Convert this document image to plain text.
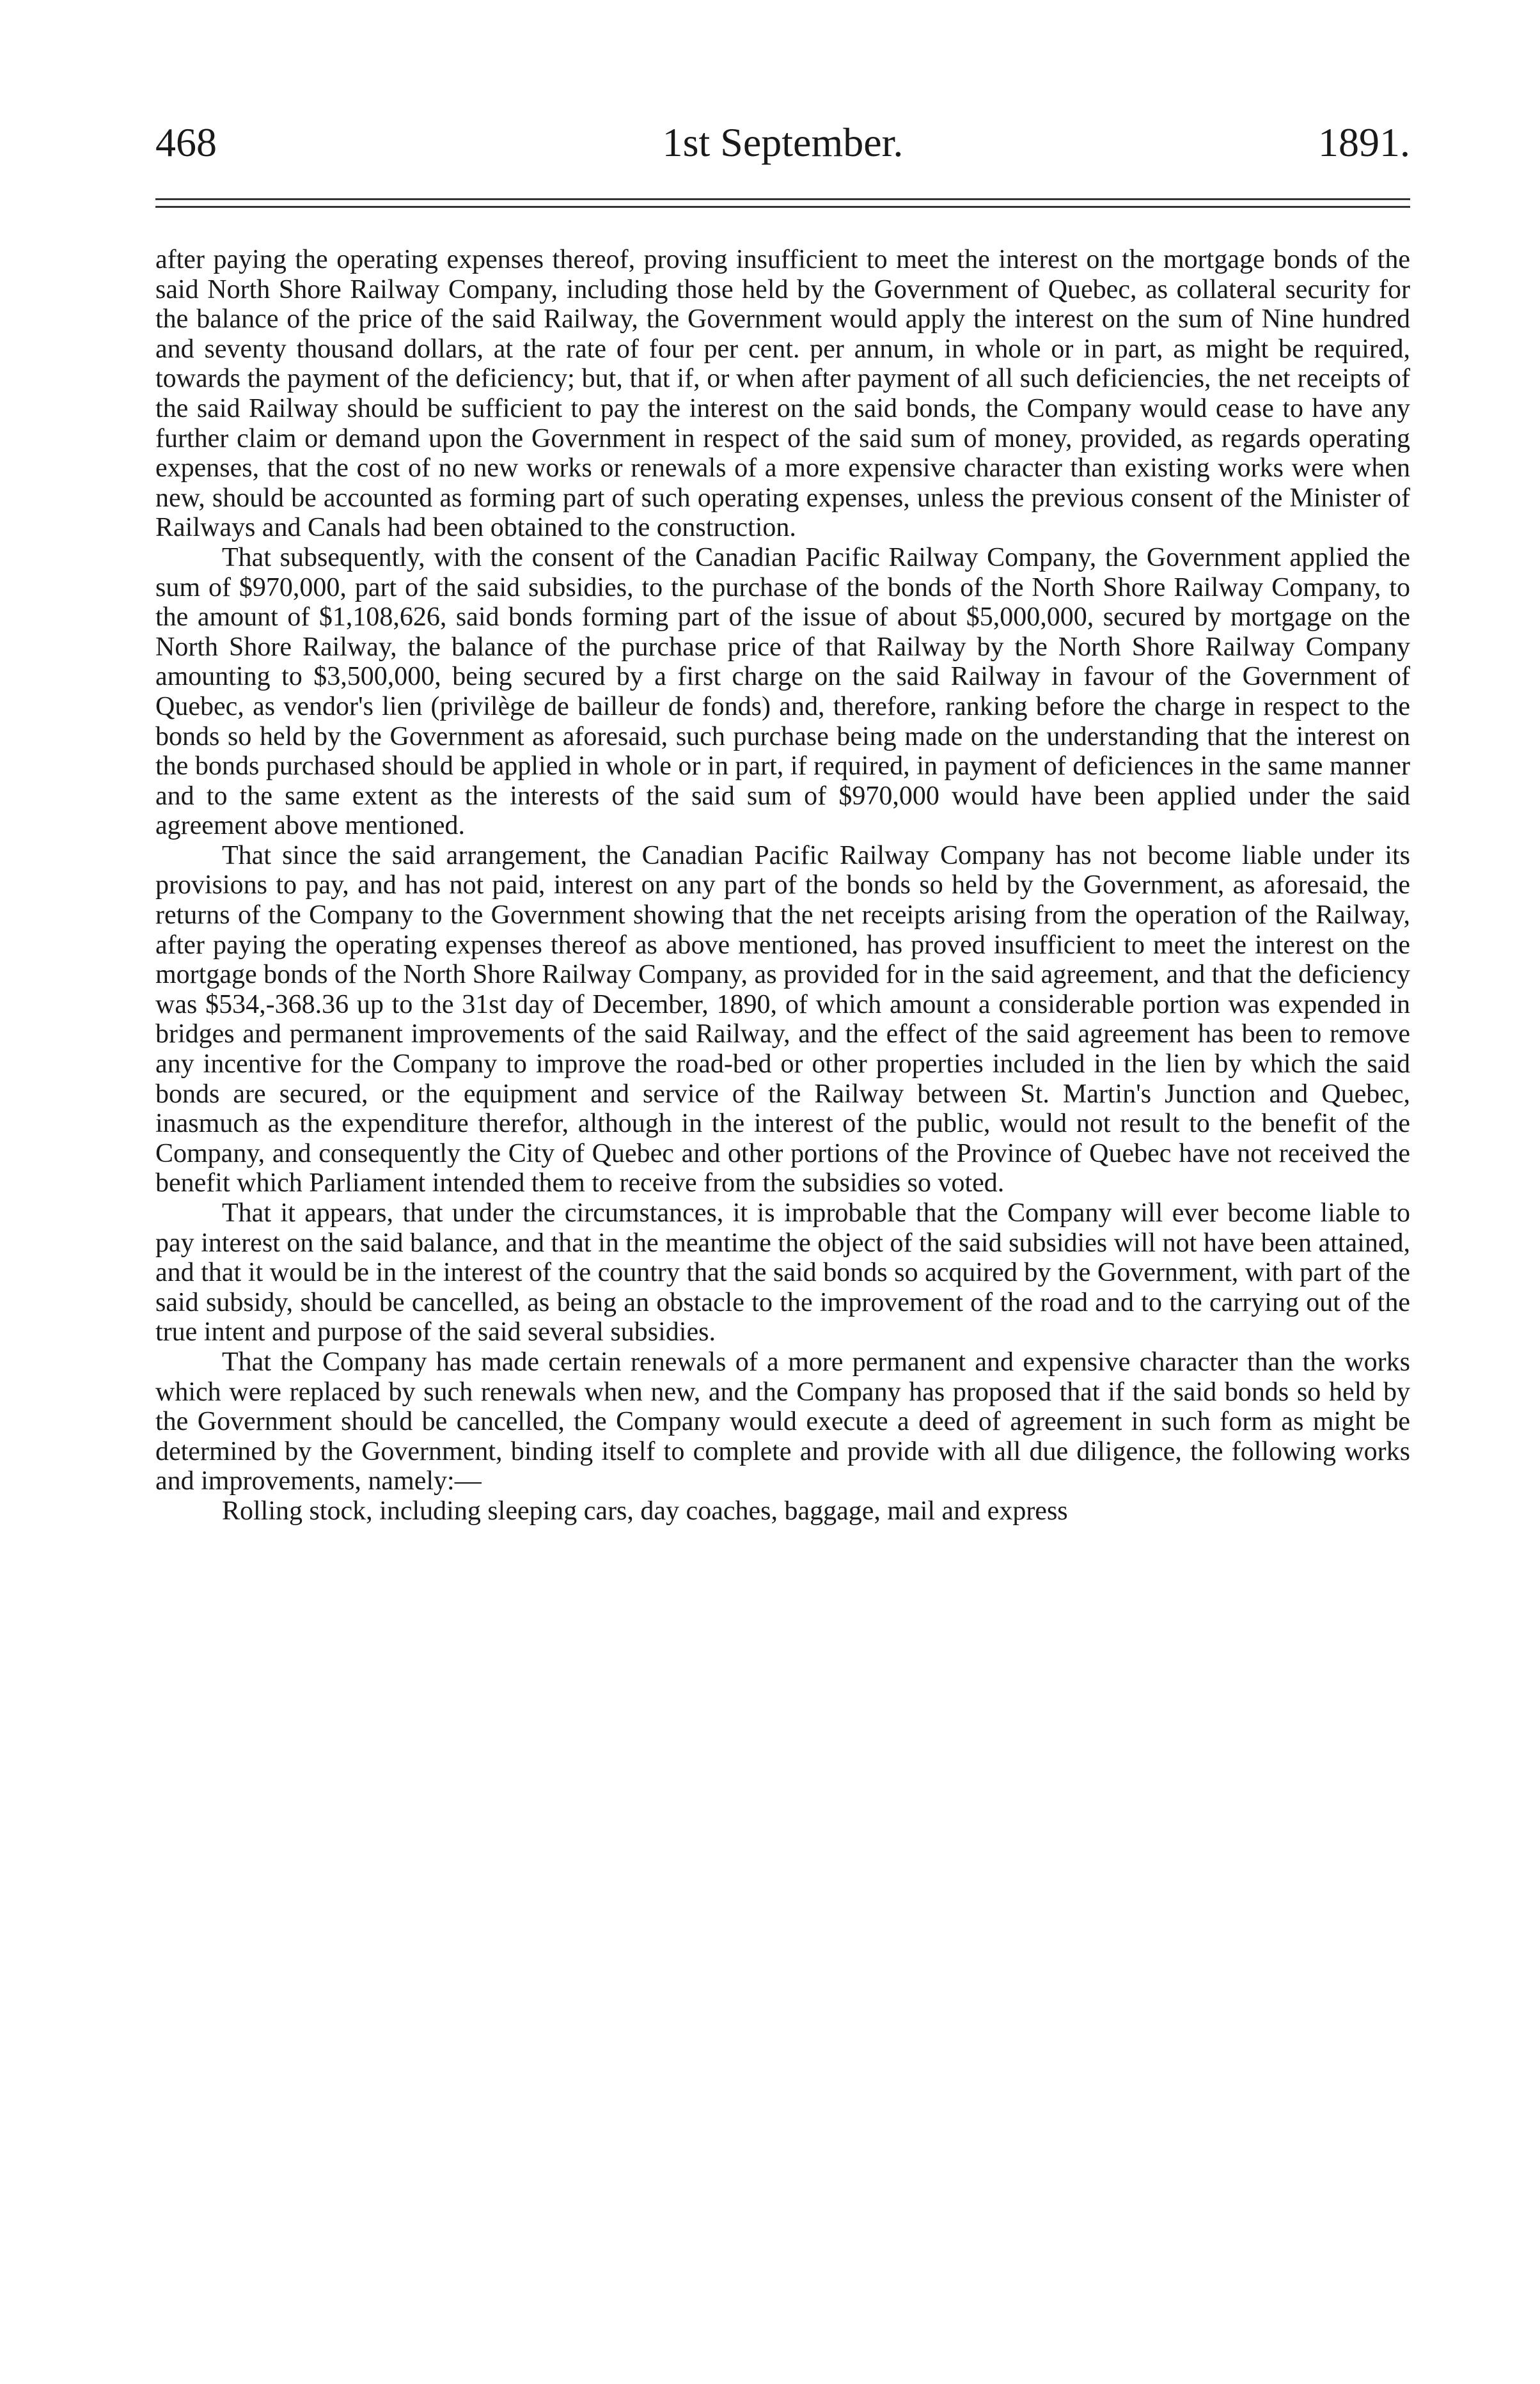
468	1st September.	1891.

after paying the operating expenses thereof, proving insufficient to meet the interest on the mortgage bonds of the said North Shore Railway Company, including those held by the Government of Quebec, as collateral security for the balance of the price of the said Railway, the Government would apply the interest on the sum of Nine hundred and seventy thousand dollars, at the rate of four per cent. per annum, in whole or in part, as might be required, towards the payment of the deficiency; but, that if, or when after payment of all such deficiencies, the net receipts of the said Railway should be sufficient to pay the interest on the said bonds, the Company would cease to have any further claim or demand upon the Government in respect of the said sum of money, provided, as regards operating expenses, that the cost of no new works or renewals of a more expensive character than existing works were when new, should be accounted as forming part of such operating expenses, unless the previous consent of the Minister of Railways and Canals had been obtained to the construction.

That subsequently, with the consent of the Canadian Pacific Railway Company, the Government applied the sum of $970,000, part of the said subsidies, to the purchase of the bonds of the North Shore Railway Company, to the amount of $1,108,626, said bonds forming part of the issue of about $5,000,000, secured by mortgage on the North Shore Railway, the balance of the purchase price of that Railway by the North Shore Railway Company amounting to $3,500,000, being secured by a first charge on the said Railway in favour of the Government of Quebec, as vendor's lien (privilège de bailleur de fonds) and, therefore, ranking before the charge in respect to the bonds so held by the Government as aforesaid, such purchase being made on the understanding that the interest on the bonds purchased should be applied in whole or in part, if required, in payment of deficiences in the same manner and to the same extent as the interests of the said sum of $970,000 would have been applied under the said agreement above mentioned.

That since the said arrangement, the Canadian Pacific Railway Company has not become liable under its provisions to pay, and has not paid, interest on any part of the bonds so held by the Government, as aforesaid, the returns of the Company to the Government showing that the net receipts arising from the operation of the Railway, after paying the operating expenses thereof as above mentioned, has proved insufficient to meet the interest on the mortgage bonds of the North Shore Railway Company, as provided for in the said agreement, and that the deficiency was $534,-368.36 up to the 31st day of December, 1890, of which amount a considerable portion was expended in bridges and permanent improvements of the said Railway, and the effect of the said agreement has been to remove any incentive for the Company to improve the road-bed or other properties included in the lien by which the said bonds are secured, or the equipment and service of the Railway between St. Martin's Junction and Quebec, inasmuch as the expenditure therefor, although in the interest of the public, would not result to the benefit of the Company, and consequently the City of Quebec and other portions of the Province of Quebec have not received the benefit which Parliament intended them to receive from the subsidies so voted.

That it appears, that under the circumstances, it is improbable that the Company will ever become liable to pay interest on the said balance, and that in the meantime the object of the said subsidies will not have been attained, and that it would be in the interest of the country that the said bonds so acquired by the Government, with part of the said subsidy, should be cancelled, as being an obstacle to the improvement of the road and to the carrying out of the true intent and purpose of the said several subsidies.

That the Company has made certain renewals of a more permanent and expensive character than the works which were replaced by such renewals when new, and the Company has proposed that if the said bonds so held by the Government should be cancelled, the Company would execute a deed of agreement in such form as might be determined by the Government, binding itself to complete and provide with all due diligence, the following works and improvements, namely:—

Rolling stock, including sleeping cars, day coaches, baggage, mail and express
